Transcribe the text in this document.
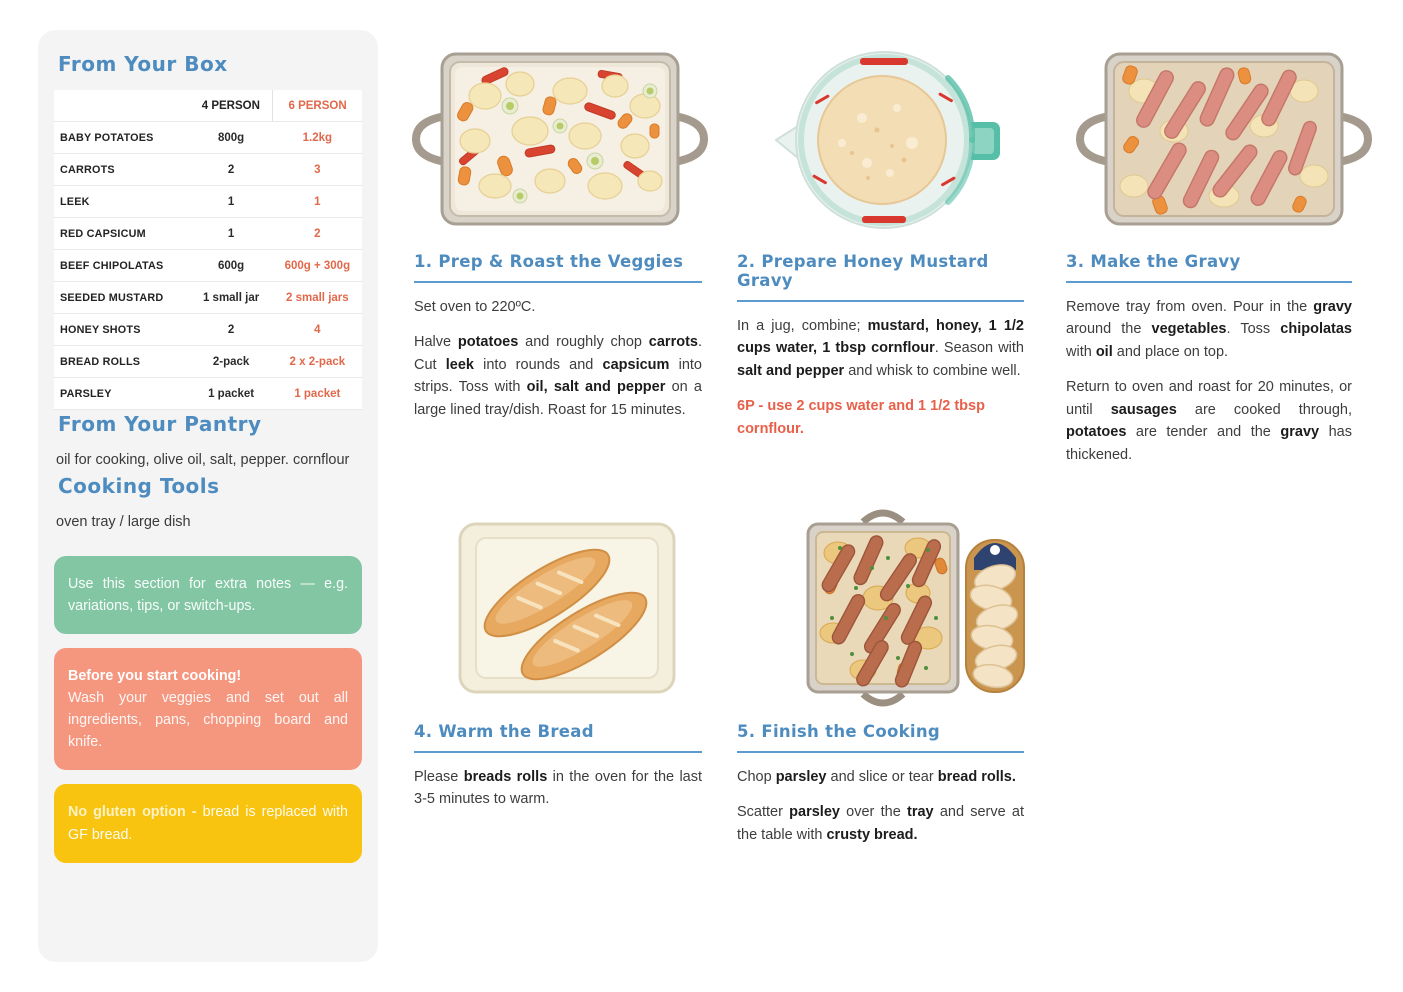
From Your Box
	4 PERSON	6 PERSON
BABY POTATOES	800g	1.2kg
CARROTS	2	3
LEEK	1	1
RED CAPSICUM	1	2
BEEF CHIPOLATAS	600g	600g + 300g
SEEDED MUSTARD	1 small jar	2 small jars
HONEY SHOTS	2	4
BREAD ROLLS	2-pack	2 x 2-pack
PARSLEY	1 packet	1 packet
From Your Pantry

oil for cooking, olive oil, salt, pepper. cornflour

Cooking Tools

oven tray / large dish

Use this section for extra notes — e.g. variations, tips, or switch-ups.
Before you start cooking!
Wash your veggies and set out all ingredients, pans, chopping board and knife.
No gluten option - bread is replaced with GF bread.
1. Prep & Roast the Veggies

Set oven to 220ºC.

Halve potatoes and roughly chop carrots. Cut leek into rounds and capsicum into strips. Toss with oil, salt and pepper on a large lined tray/dish. Roast for 15 minutes.

2. Prepare Honey Mustard Gravy

In a jug, combine; mustard, honey, 1 1/2 cups water, 1 tbsp cornflour. Season with salt and pepper and whisk to combine well.

6P - use 2 cups water and 1 1/2 tbsp cornflour.

3. Make the Gravy

Remove tray from oven. Pour in the gravy around the vegetables. Toss chipolatas with oil and place on top.

Return to oven and roast for 20 minutes, or until sausages are cooked through, potatoes are tender and the gravy has thickened.

4. Warm the Bread

Please breads rolls in the oven for the last 3-5 minutes to warm.

5. Finish the Cooking

Chop parsley and slice or tear bread rolls.

Scatter parsley over the tray and serve at the table with crusty bread.
